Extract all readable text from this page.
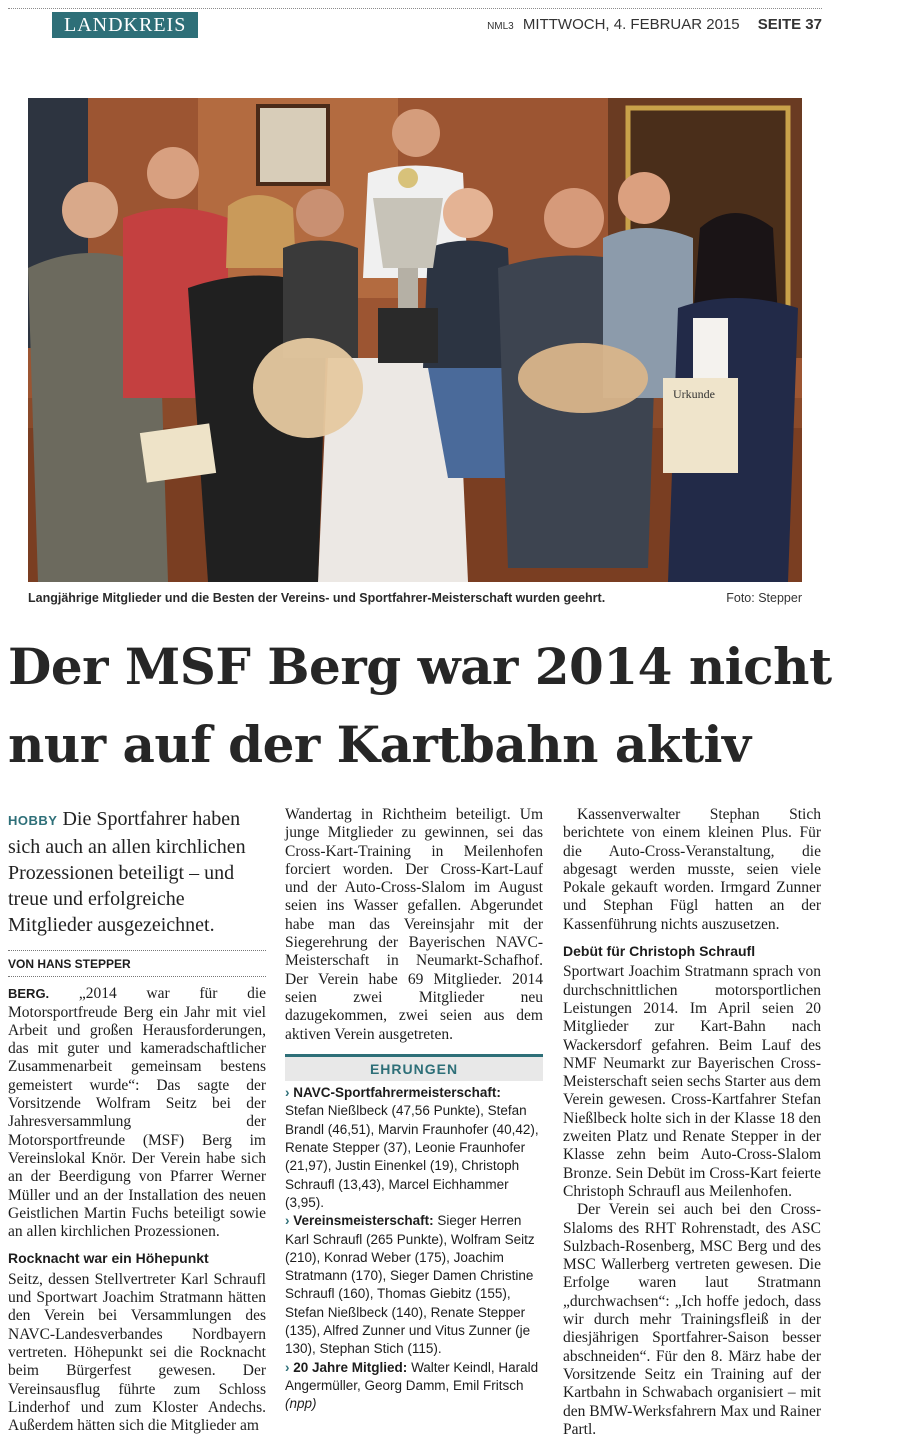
LANDKREIS	NML3 MITTWOCH, 4. FEBRUAR 2015 SEITE 37
Urkunde
Langjährige Mitglieder und die Besten der Vereins- und Sportfahrer-Meisterschaft wurden geehrt.	Foto: Stepper
Der MSF Berg war 2014 nicht
nur auf der Kartbahn aktiv

HOBBY Die Sportfahrer haben sich auch an allen kirchlichen Prozessionen beteiligt – und treue und erfolgreiche Mitglieder ausgezeichnet.

VON HANS STEPPER

BERG. „2014 war für die Motorsportfreude Berg ein Jahr mit viel Arbeit und großen Herausforderungen, das mit guter und kameradschaftlicher Zusammenarbeit gemeinsam bestens gemeistert wurde“: Das sagte der Vorsitzende Wolfram Seitz bei der Jahresversammlung der Motorsportfreunde (MSF) Berg im Vereinslokal Knör. Der Verein habe sich an der Beerdigung von Pfarrer Werner Müller und an der Installation des neuen Geistlichen Martin Fuchs beteiligt sowie an allen kirchlichen Prozessionen.

Rocknacht war ein Höhepunkt

Seitz, dessen Stellvertreter Karl Schraufl und Sportwart Joachim Stratmann hätten den Verein bei Versammlungen des NAVC-Landesverbandes Nordbayern vertreten. Höhepunkt sei die Rocknacht beim Bürgerfest gewesen. Der Vereinsausflug führte zum Schloss Linderhof und zum Kloster Andechs. Außerdem hätten sich die Mitglieder am

Kassenverwalter Stephan Stich berichtete von einem kleinen Plus. Für die Auto-Cross-Veranstaltung, die abgesagt werden musste, seien viele Pokale gekauft worden. Irmgard Zunner und Stephan Fügl hatten an der Kassenführung nichts auszusetzen.

Debüt für Christoph Schraufl

Sportwart Joachim Stratmann sprach von durchschnittlichen motorsportlichen Leistungen 2014. Im April seien 20 Mitglieder zur Kart-Bahn nach Wackersdorf gefahren. Beim Lauf des NMF Neumarkt zur Bayerischen Cross-Meisterschaft seien sechs Starter aus dem Verein gewesen. Cross-Kartfahrer Stefan Nießlbeck holte sich in der Klasse 18 den zweiten Platz und Renate Stepper in der Klasse zehn beim Auto-Cross-Slalom Bronze. Sein Debüt im Cross-Kart feierte Christoph Schraufl aus Meilenhofen.

Der Verein sei auch bei den Cross-Slaloms des RHT Rohrenstadt, des ASC Sulzbach-Rosenberg, MSC Berg und des MSC Wallerberg vertreten gewesen. Die Erfolge waren laut Stratmann „durchwachsen“: „Ich hoffe jedoch, dass wir durch mehr Trainingsfleiß in der diesjährigen Sportfahrer-Saison besser abschneiden“. Für den 8. März habe der Vorsitzende Seitz ein Training auf der Kartbahn in Schwabach organisiert – mit den BMW-Werksfahrern Max und Rainer Partl.

Wandertag in Richtheim beteiligt. Um junge Mitglieder zu gewinnen, sei das Cross-Kart-Training in Meilenhofen forciert worden. Der Cross-Kart-Lauf und der Auto-Cross-Slalom im August seien ins Wasser gefallen. Abgerundet habe man das Vereinsjahr mit der Siegerehrung der Bayerischen NAVC-Meisterschaft in Neumarkt-Schafhof. Der Verein habe 69 Mitglieder. 2014 seien zwei Mitglieder neu dazugekommen, zwei seien aus dem aktiven Verein ausgetreten.

EHRUNGEN

› NAVC-Sportfahrermeisterschaft: Stefan Nießlbeck (47,56 Punkte), Stefan Brandl (46,51), Marvin Fraunhofer (40,42), Renate Stepper (37), Leonie Fraunhofer (21,97), Justin Einenkel (19), Christoph Schraufl (13,43), Marcel Eichhammer (3,95).

› Vereinsmeisterschaft: Sieger Herren Karl Schraufl (265 Punkte), Wolfram Seitz (210), Konrad Weber (175), Joachim Stratmann (170), Sieger Damen Christine Schraufl (160), Thomas Giebitz (155), Stefan Nießlbeck (140), Renate Stepper (135), Alfred Zunner und Vitus Zunner (je 130), Stephan Stich (115).

› 20 Jahre Mitglied: Walter Keindl, Harald Angermüller, Georg Damm, Emil Fritsch (npp)
